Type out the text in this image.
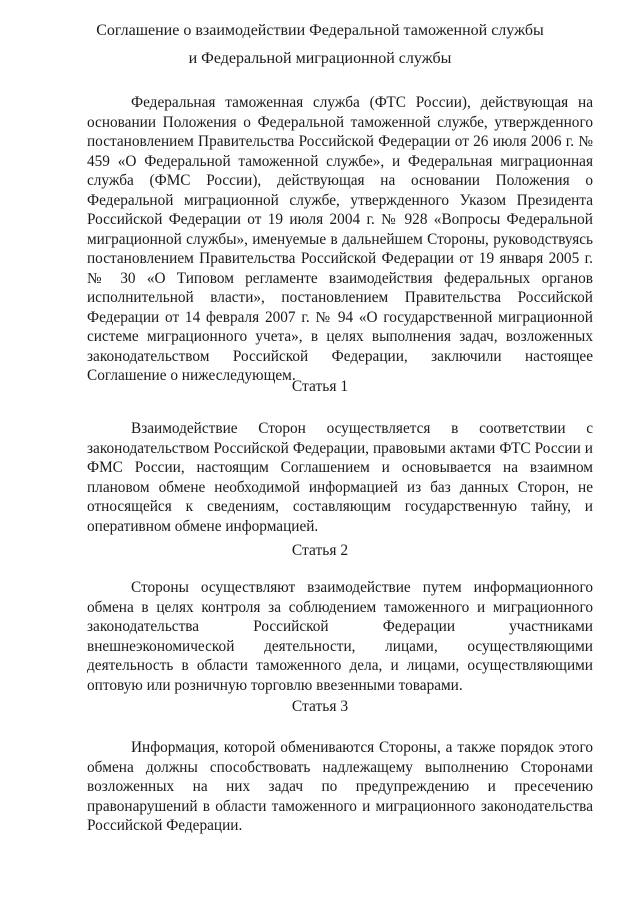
Соглашение о взаимодействии Федеральной таможенной службы
и Федеральной миграционной службы

Федеральная таможенная служба (ФТС России), действующая на основании Положения о Федеральной таможенной службе, утвержденного постановлением Правительства Российской Федерации от 26 июля 2006 г. № 459 «О Федеральной таможенной службе», и Федеральная миграционная служба (ФМС России), действующая на основании Положения о Федеральной миграционной службе, утвержденного Указом Президента Российской Федерации от 19 июля 2004 г. № 928 «Вопросы Федеральной миграционной службы», именуемые в дальнейшем Стороны, руководствуясь постановлением Правительства Российской Федерации от 19 января 2005 г. № 30 «О Типовом регламенте взаимодействия федеральных органов исполнительной власти», постановлением Правительства Российской Федерации от 14 февраля 2007 г. № 94 «О государственной миграционной системе миграционного учета», в целях выполнения задач, возложенных законодательством Российской Федерации, заключили настоящее Соглашение о нижеследующем.

Статья 1

Взаимодействие Сторон осуществляется в соответствии с законодательством Российской Федерации, правовыми актами ФТС России и ФМС России, настоящим Соглашением и основывается на взаимном плановом обмене необходимой информацией из баз данных Сторон, не относящейся к сведениям, составляющим государственную тайну, и оперативном обмене информацией.

Статья 2

Стороны осуществляют взаимодействие путем информационного обмена в целях контроля за соблюдением таможенного и миграционного законодательства Российской Федерации участниками внешнеэкономической деятельности, лицами, осуществляющими деятельность в области таможенного дела, и лицами, осуществляющими оптовую или розничную торговлю ввезенными товарами.

Статья 3

Информация, которой обмениваются Стороны, а также порядок этого обмена должны способствовать надлежащему выполнению Сторонами возложенных на них задач по предупреждению и пресечению правонарушений в области таможенного и миграционного законодательства Российской Федерации.
